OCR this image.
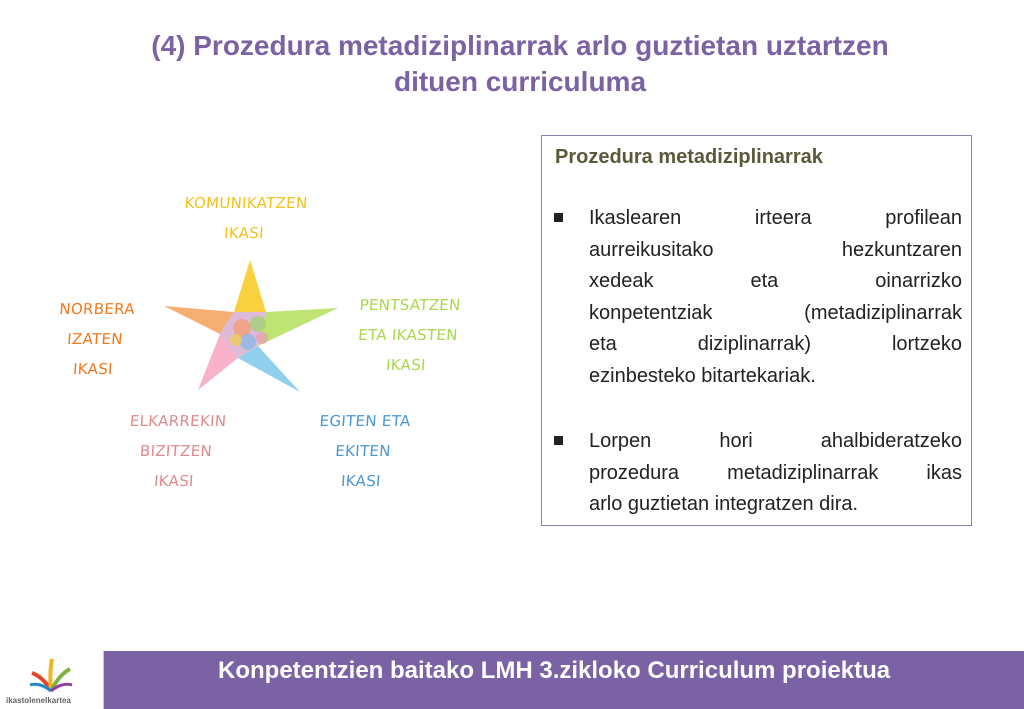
(4) Prozedura metadiziplinarrak arlo guztietan uztartzen
dituen curriculuma
KOMUNIKATZEN
IKASI
NORBERA
IZATEN
IKASI
PENTSATZEN
ETA IKASTEN
IKASI
ELKARREKIN
BIZITZEN
IKASI
EGITEN ETA
EKITEN
IKASI
Prozedura metadiziplinarrak
Ikaslearen irteera profilean
aurreikusitako hezkuntzaren
xedeak eta oinarrizko
konpetentziak (metadiziplinarrak
eta diziplinarrak) lortzeko
ezinbesteko bitartekariak.
Lorpen hori ahalbideratzeko
prozedura metadiziplinarrak ikas
arlo guztietan integratzen dira.
ikastolenelkartea
Konpetentzien baitako LMH 3.zikloko Curriculum proiektua
